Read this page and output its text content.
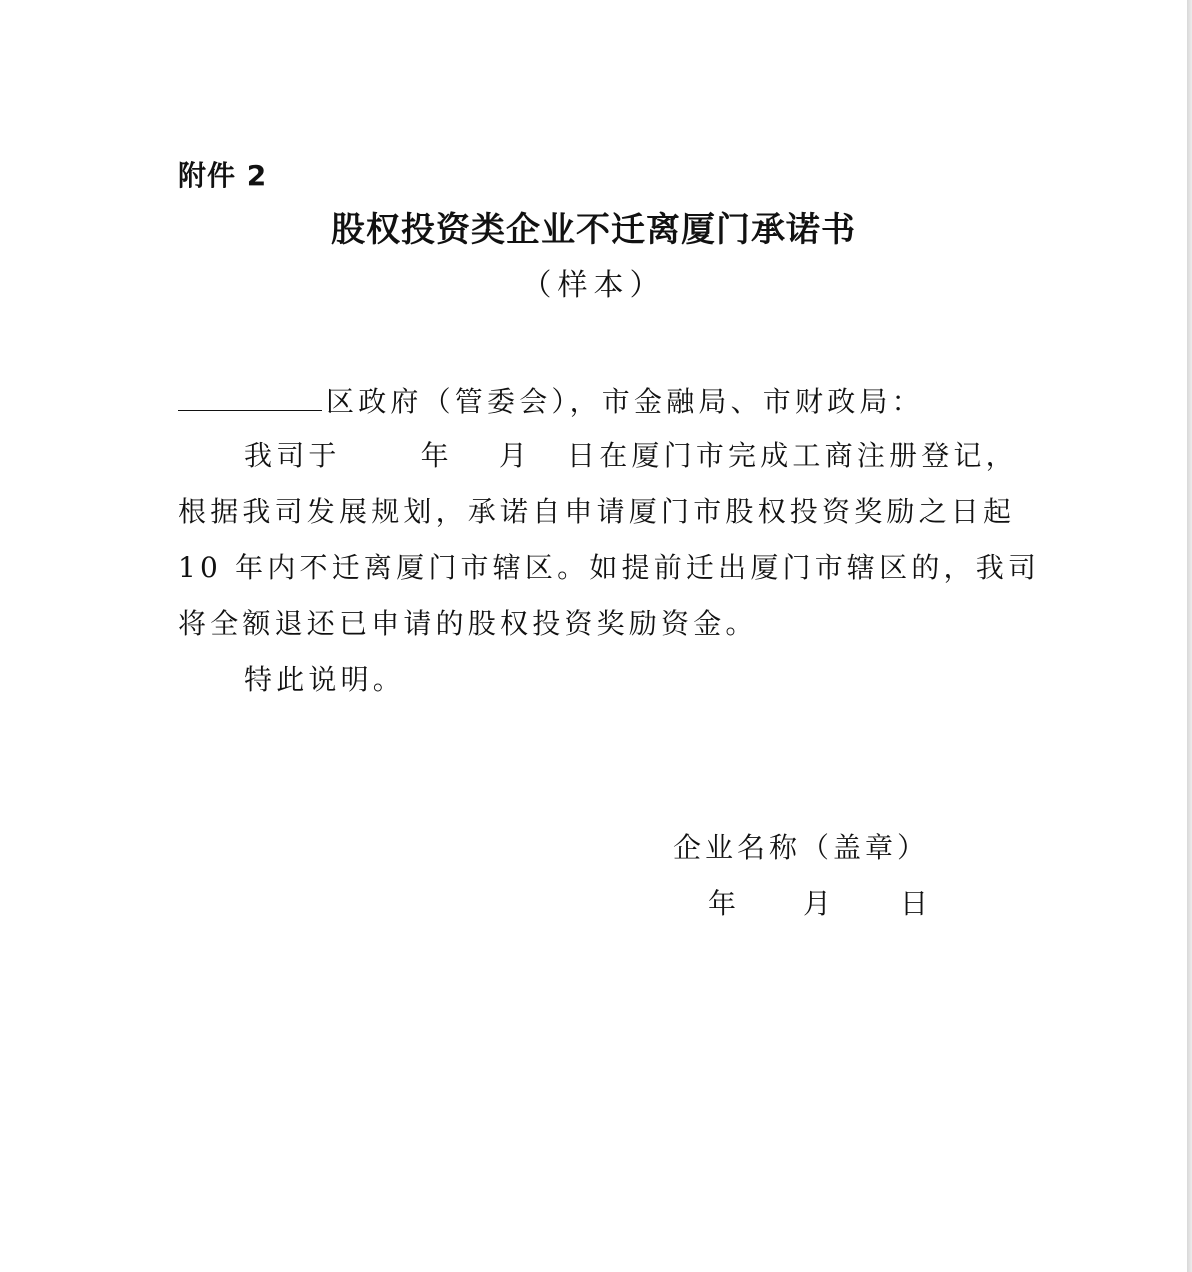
附件 2
股权投资类企业不迁离厦门承诺书
（样本）
区政府（管委会），市金融局、市财政局：
我司于	年 月 日在厦门市完成工商注册登记，
根据我司发展规划，承诺自申请厦门市股权投资奖励之日起
10 年内不迁离厦门市辖区。如提前迁出厦门市辖区的，我司
将全额退还已申请的股权投资奖励资金。
特此说明。
企业名称（盖章）
年 月 日
